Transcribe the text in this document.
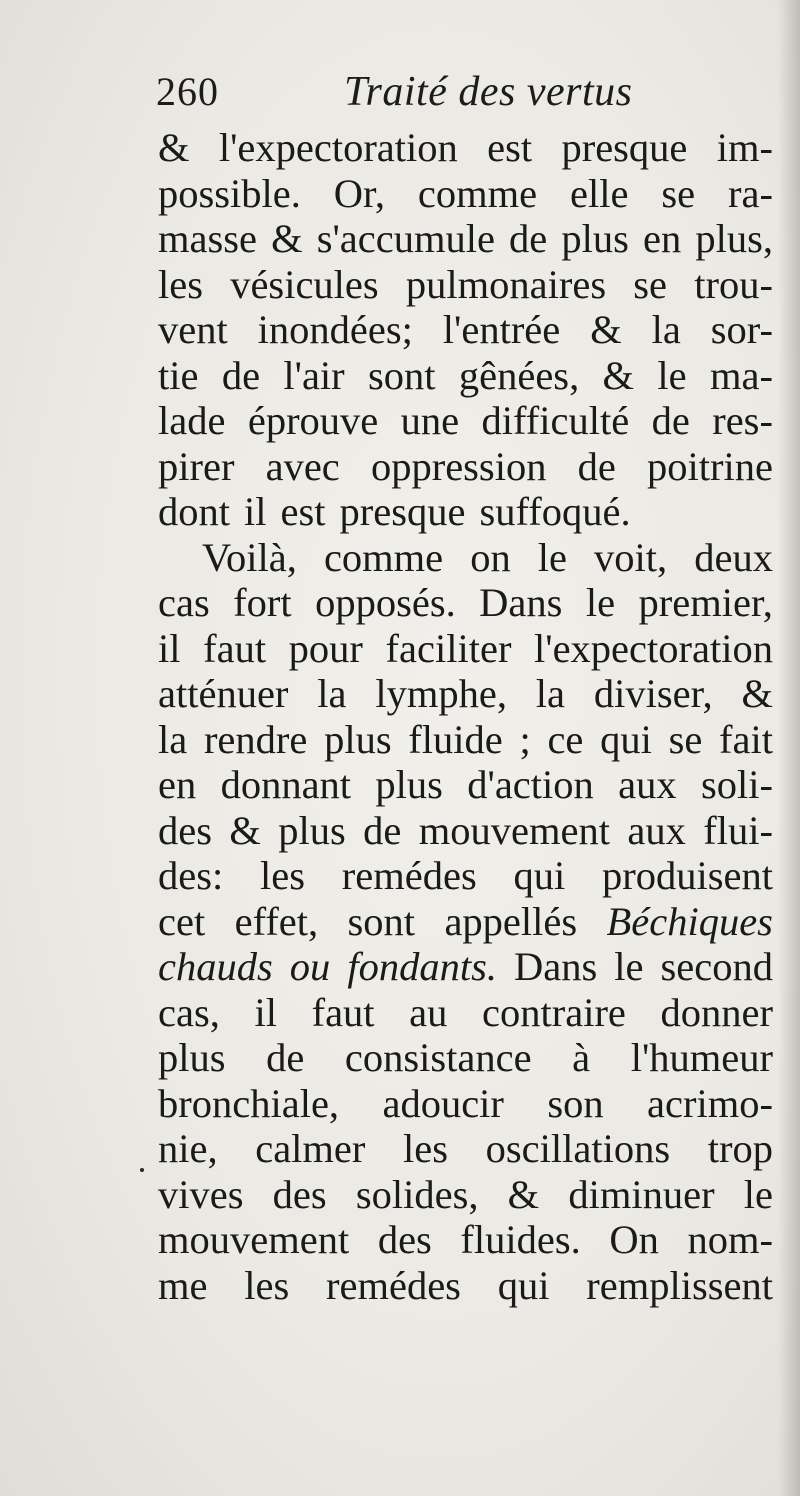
260	Traité des vertus
& l'expectoration est presque im-
possible. Or, comme elle se ra-
masse & s'accumule de plus en plus,
les vésicules pulmonaires se trou-
vent inondées; l'entrée & la sor-
tie de l'air sont gênées, & le ma-
lade éprouve une difficulté de res-
pirer avec oppression de poitrine
dont il est presque suffoqué.
Voilà, comme on le voit, deux
cas fort opposés. Dans le premier,
il faut pour faciliter l'expectoration
atténuer la lymphe, la diviser, &
la rendre plus fluide ; ce qui se fait
en donnant plus d'action aux soli-
des & plus de mouvement aux flui-
des: les remédes qui produisent
cet effet, sont appellés Béchiques
chauds ou fondants. Dans le second
cas, il faut au contraire donner
plus de consistance à l'humeur
bronchiale, adoucir son acrimo-
nie, calmer les oscillations trop
vives des solides, & diminuer le
mouvement des fluides. On nom-
me les remédes qui remplissent
